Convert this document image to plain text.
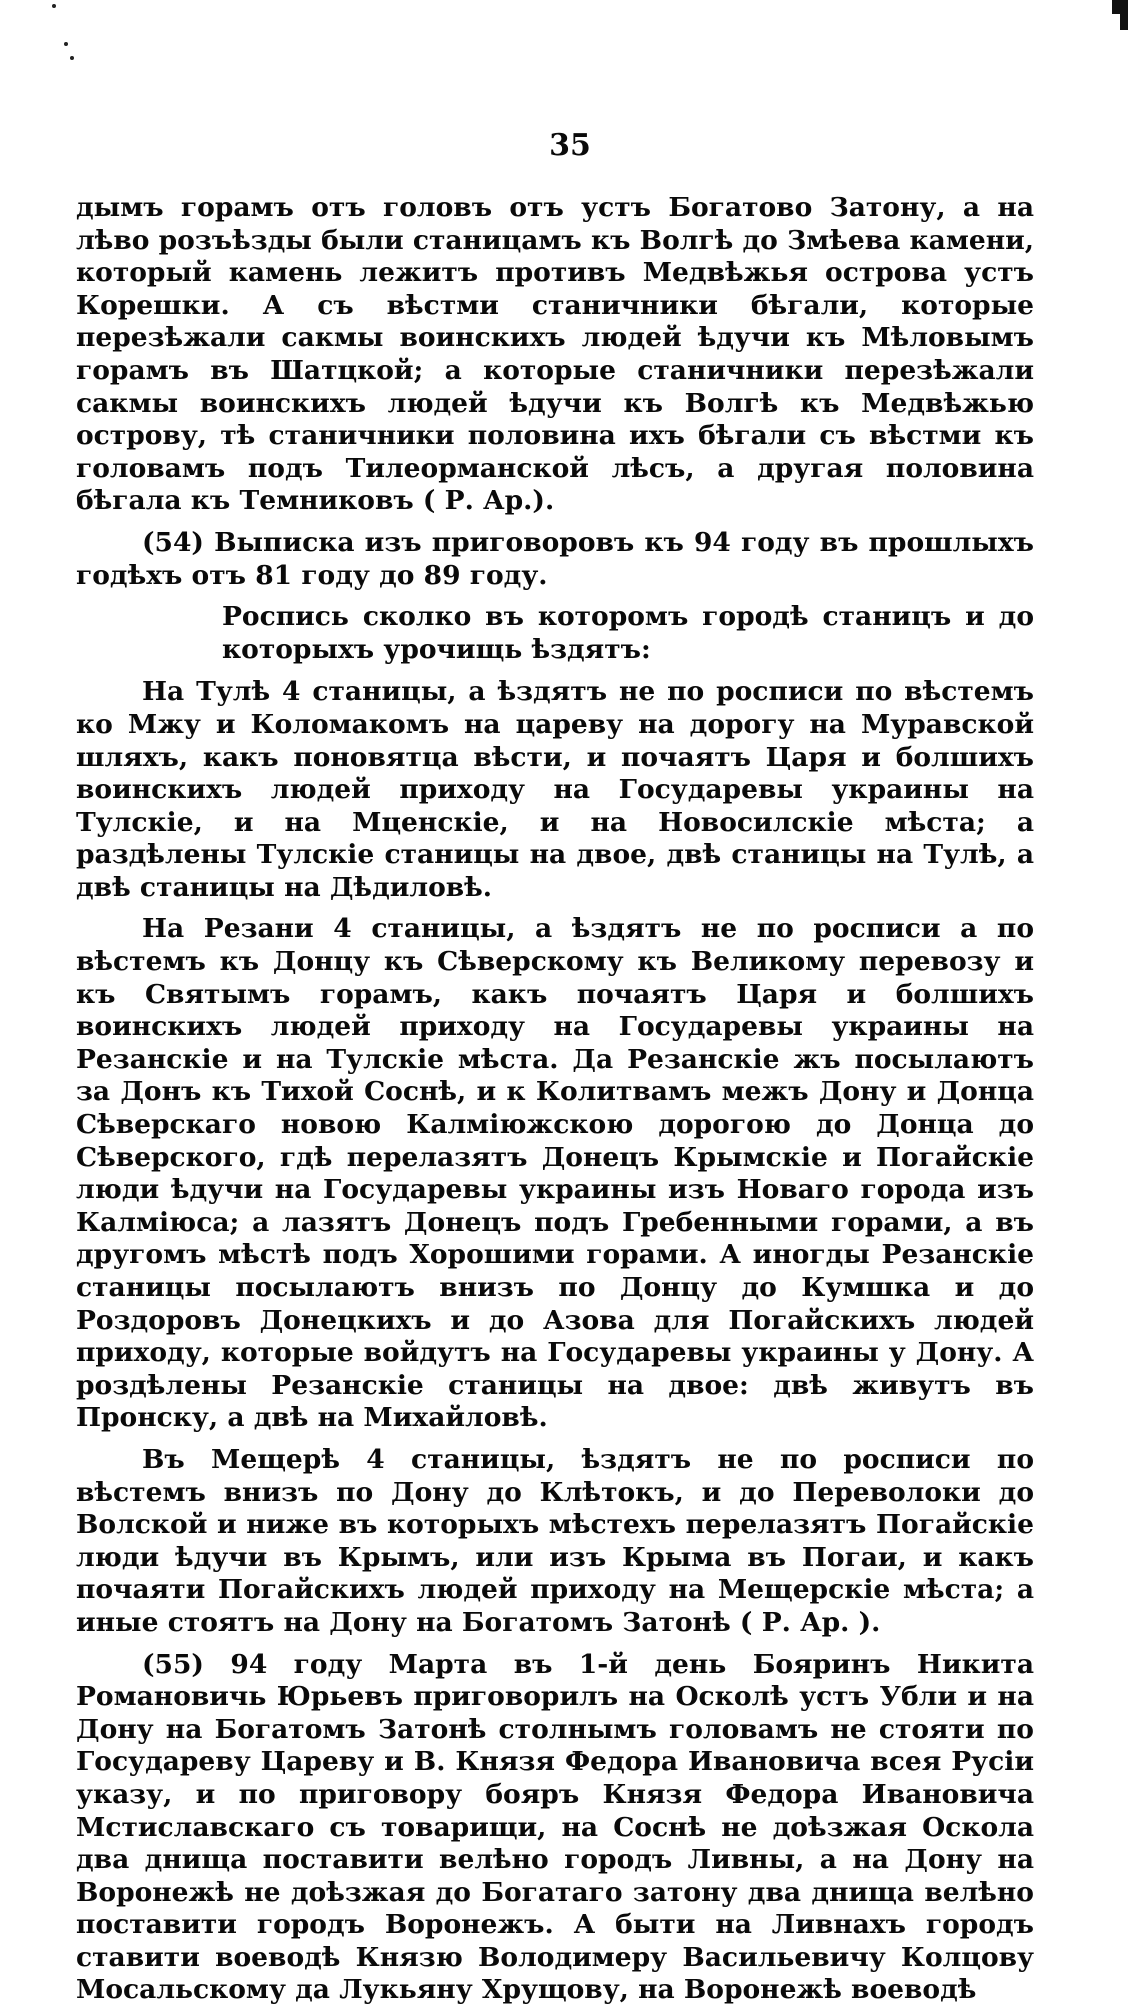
35

дымъ горамъ отъ головъ отъ устъ Богатово Затону, а на лѣво розъѣзды были станицамъ къ Волгѣ до Змѣева камени, который камень лежитъ противъ Медвѣжья острова устъ Корешки. А съ вѣстми станичники бѣгали, которые перезѣжали сакмы воинскихъ людей ѣдучи къ Мѣловымъ горамъ въ Шатцкой; а которые станичники перезѣжали сакмы воинскихъ людей ѣдучи къ Волгѣ къ Медвѣжью острову, тѣ станичники половина ихъ бѣгали съ вѣстми къ головамъ подъ Тилеорманской лѣсъ, а другая половина бѣгала къ Темниковъ ( Р. Ар.).

(54) Выписка изъ приговоровъ къ 94 году въ прошлыхъ годѣхъ отъ 81 году до 89 году.

Роспись сколко въ которомъ городѣ станицъ и до которыхъ урочищь ѣздятъ:

На Тулѣ 4 станицы, а ѣздятъ не по росписи по вѣстемъ ко Мжу и Коломакомъ на цареву на дорогу на Муравской шляхъ, какъ поновятца вѣсти, и почаятъ Царя и болшихъ воинскихъ людей приходу на Государевы украины на Тулскіе, и на Мценскіе, и на Новосилскіе мѣста; а раздѣлены Тулскіе станицы на двое, двѣ станицы на Тулѣ, а двѣ станицы на Дѣдиловѣ.

На Резани 4 станицы, а ѣздятъ не по росписи а по вѣстемъ къ Донцу къ Сѣверскому къ Великому перевозу и къ Святымъ горамъ, какъ почаятъ Царя и болшихъ воинскихъ людей приходу на Государевы украины на Резанскіе и на Тулскіе мѣста. Да Резанскіе жъ посылаютъ за Донъ къ Тихой Соснѣ, и к Колитвамъ межъ Дону и Донца Сѣверскаго новою Калміюжскою дорогою до Донца до Сѣверского, гдѣ перелазятъ Донецъ Крымскіе и Погайскіе люди ѣдучи на Государевы украины изъ Новаго города изъ Калміюса; а лазятъ Донецъ подъ Гребенными горами, а въ другомъ мѣстѣ подъ Хорошими горами. А иногды Резанскіе станицы посылаютъ внизъ по Донцу до Кумшка и до Роздоровъ Донецкихъ и до Азова для Погайскихъ людей приходу, которые войдутъ на Государевы украины у Дону. А роздѣлены Резанскіе станицы на двое: двѣ живутъ въ Пронску, а двѣ на Михайловѣ.

Въ Мещерѣ 4 станицы, ѣздятъ не по росписи по вѣстемъ внизъ по Дону до Клѣтокъ, и до Переволоки до Волской и ниже въ которыхъ мѣстехъ перелазятъ Погайскіе люди ѣдучи въ Крымъ, или изъ Крыма въ Погаи, и какъ почаяти Погайскихъ людей приходу на Мещерскіе мѣста; а иные стоятъ на Дону на Богатомъ Затонѣ ( Р. Ар. ).

(55) 94 году Марта въ 1-й день Бояринъ Никита Романовичь Юрьевъ приговорилъ на Осколѣ устъ Убли и на Дону на Богатомъ Затонѣ столнымъ головамъ не стояти по Государеву Цареву и В. Князя Федора Ивановича всея Русіи указу, и по приговору бояръ Князя Федора Ивановича Мстиславскаго съ товарищи, на Соснѣ не доѣзжая Оскола два днища поставити велѣно городъ Ливны, а на Дону на Воронежѣ не доѣзжая до Богатаго затону два днища велѣно поставити городъ Воронежъ. А быти на Ливнахъ городъ ставити воеводѣ Князю Володимеру Васильевичу Колцову Мосальскому да Лукьяну Хрущову, на Воронежѣ воеводѣ
